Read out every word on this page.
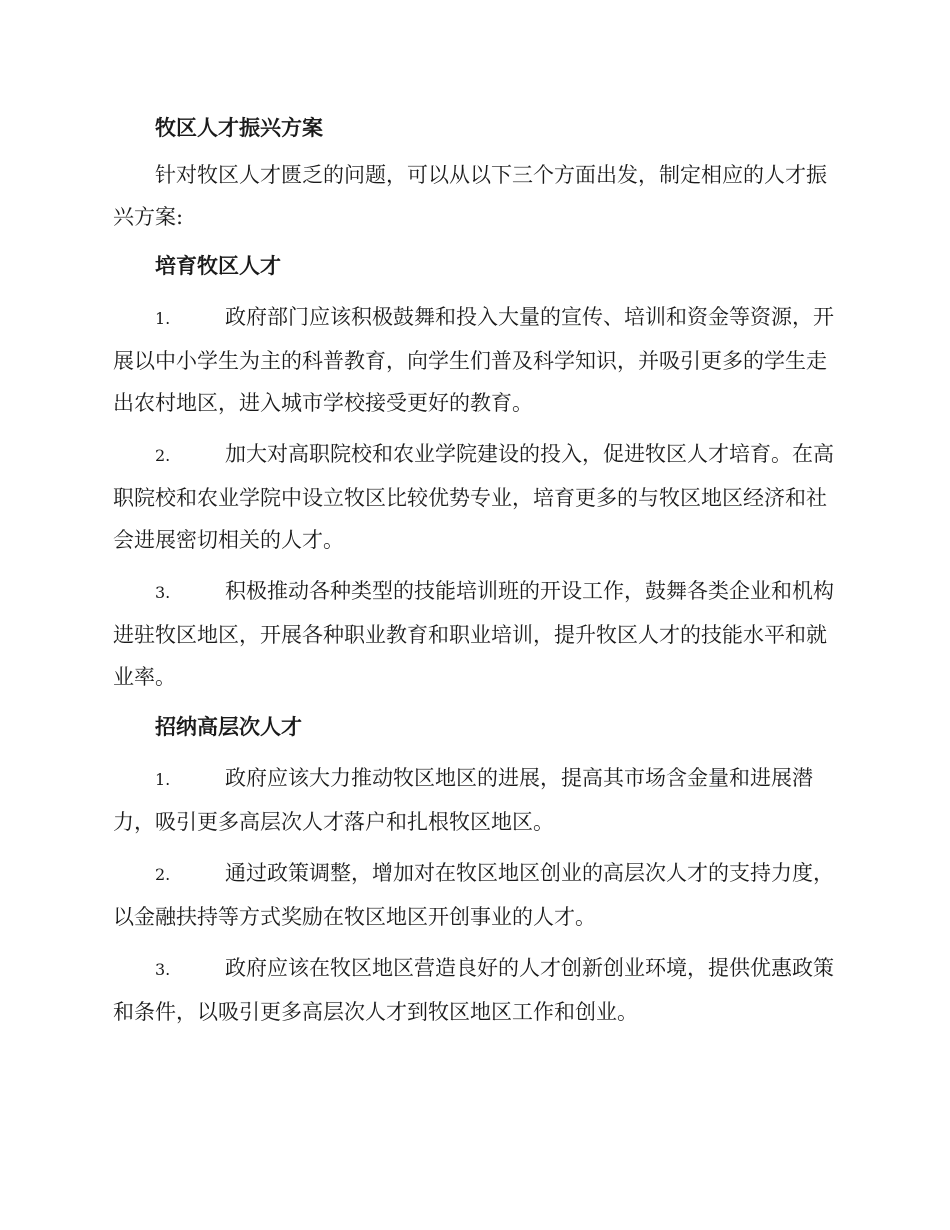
牧区人才振兴方案

针对牧区人才匮乏的问题，可以从以下三个方面出发，制定相应的人才振兴方案:

培育牧区人才

1.	政府部门应该积极鼓舞和投入大量的宣传、培训和资金等资源，开展以中小学生为主的科普教育，向学生们普及科学知识，并吸引更多的学生走出农村地区，进入城市学校接受更好的教育。

2.	加大对高职院校和农业学院建设的投入，促进牧区人才培育。在高职院校和农业学院中设立牧区比较优势专业，培育更多的与牧区地区经济和社会进展密切相关的人才。

3.	积极推动各种类型的技能培训班的开设工作，鼓舞各类企业和机构进驻牧区地区，开展各种职业教育和职业培训，提升牧区人才的技能水平和就业率。

招纳高层次人才

1.	政府应该大力推动牧区地区的进展，提高其市场含金量和进展潜力，吸引更多高层次人才落户和扎根牧区地区。

2.	通过政策调整，增加对在牧区地区创业的高层次人才的支持力度，以金融扶持等方式奖励在牧区地区开创事业的人才。

3.	政府应该在牧区地区营造良好的人才创新创业环境，提供优惠政策和条件，以吸引更多高层次人才到牧区地区工作和创业。
